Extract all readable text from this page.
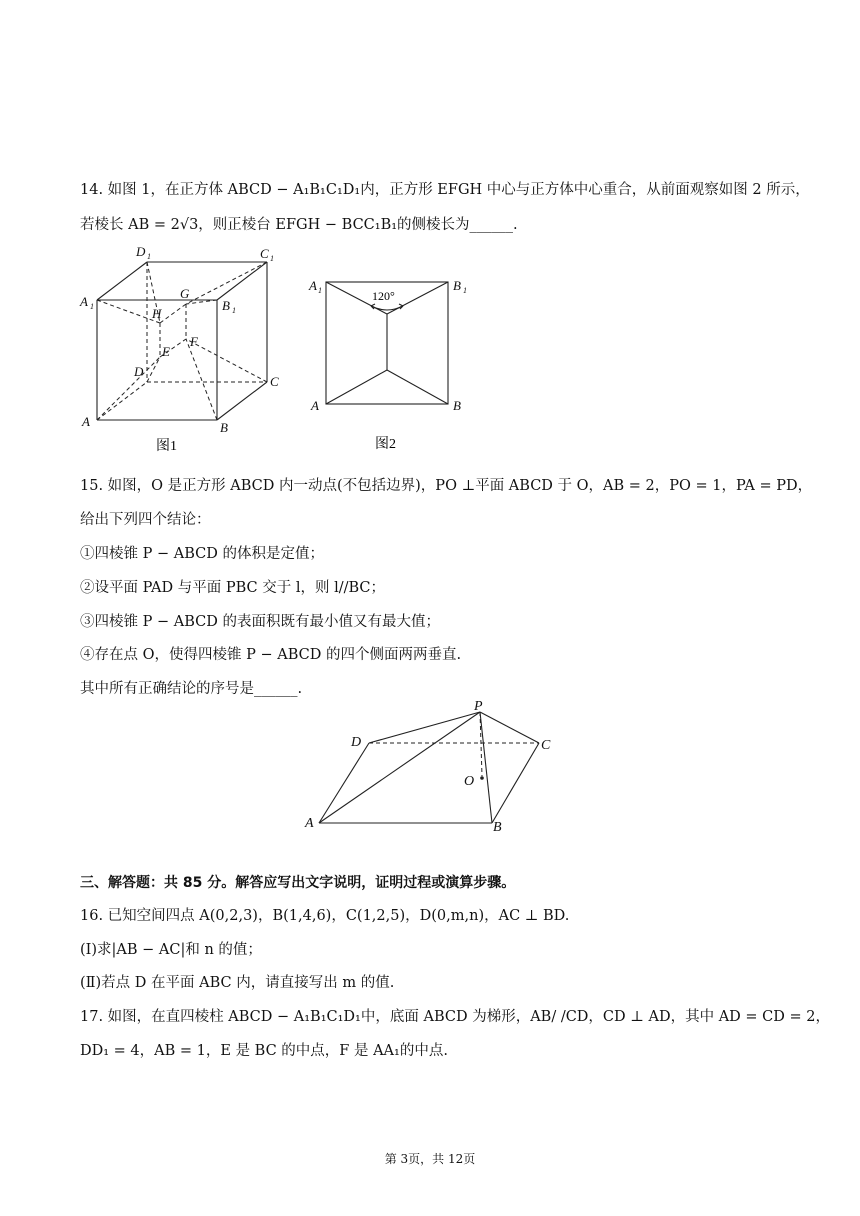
14. 如图 1，在正方体 ABCD − A₁B₁C₁D₁内，正方形 EFGH 中心与正方体中心重合，从前面观察如图 2 所示，
若棱长 AB = 2√3，则正棱台 EFGH − BCC₁B₁的侧棱长为______.
A 1
D 1	C 1
B 1
G
H
F
E
D
C
A	B
图1
A 1	B 1
A	B
120°
图2
15. 如图，O 是正方形 ABCD 内一动点(不包括边界)，PO ⊥平面 ABCD 于 O，AB = 2，PO = 1，PA = PD，
给出下列四个结论：
①四棱锥 P − ABCD 的体积是定值；
②设平面 PAD 与平面 PBC 交于 l，则 l//BC；
③四棱锥 P − ABCD 的表面积既有最小值又有最大值；
④存在点 O，使得四棱锥 P − ABCD 的四个侧面两两垂直.
其中所有正确结论的序号是______.
P
D	C
O
A	B
三、解答题：共 85 分。解答应写出文字说明，证明过程或演算步骤。
16. 已知空间四点 A(0,2,3)，B(1,4,6)，C(1,2,5)，D(0,m,n)，AC ⊥ BD.
(Ⅰ)求|AB − AC|和 n 的值；
(Ⅱ)若点 D 在平面 ABC 内，请直接写出 m 的值.
17. 如图，在直四棱柱 ABCD − A₁B₁C₁D₁中，底面 ABCD 为梯形，AB/ /CD，CD ⊥ AD，其中 AD = CD = 2，
DD₁ = 4，AB = 1，E 是 BC 的中点，F 是 AA₁的中点.
第 3页，共 12页
